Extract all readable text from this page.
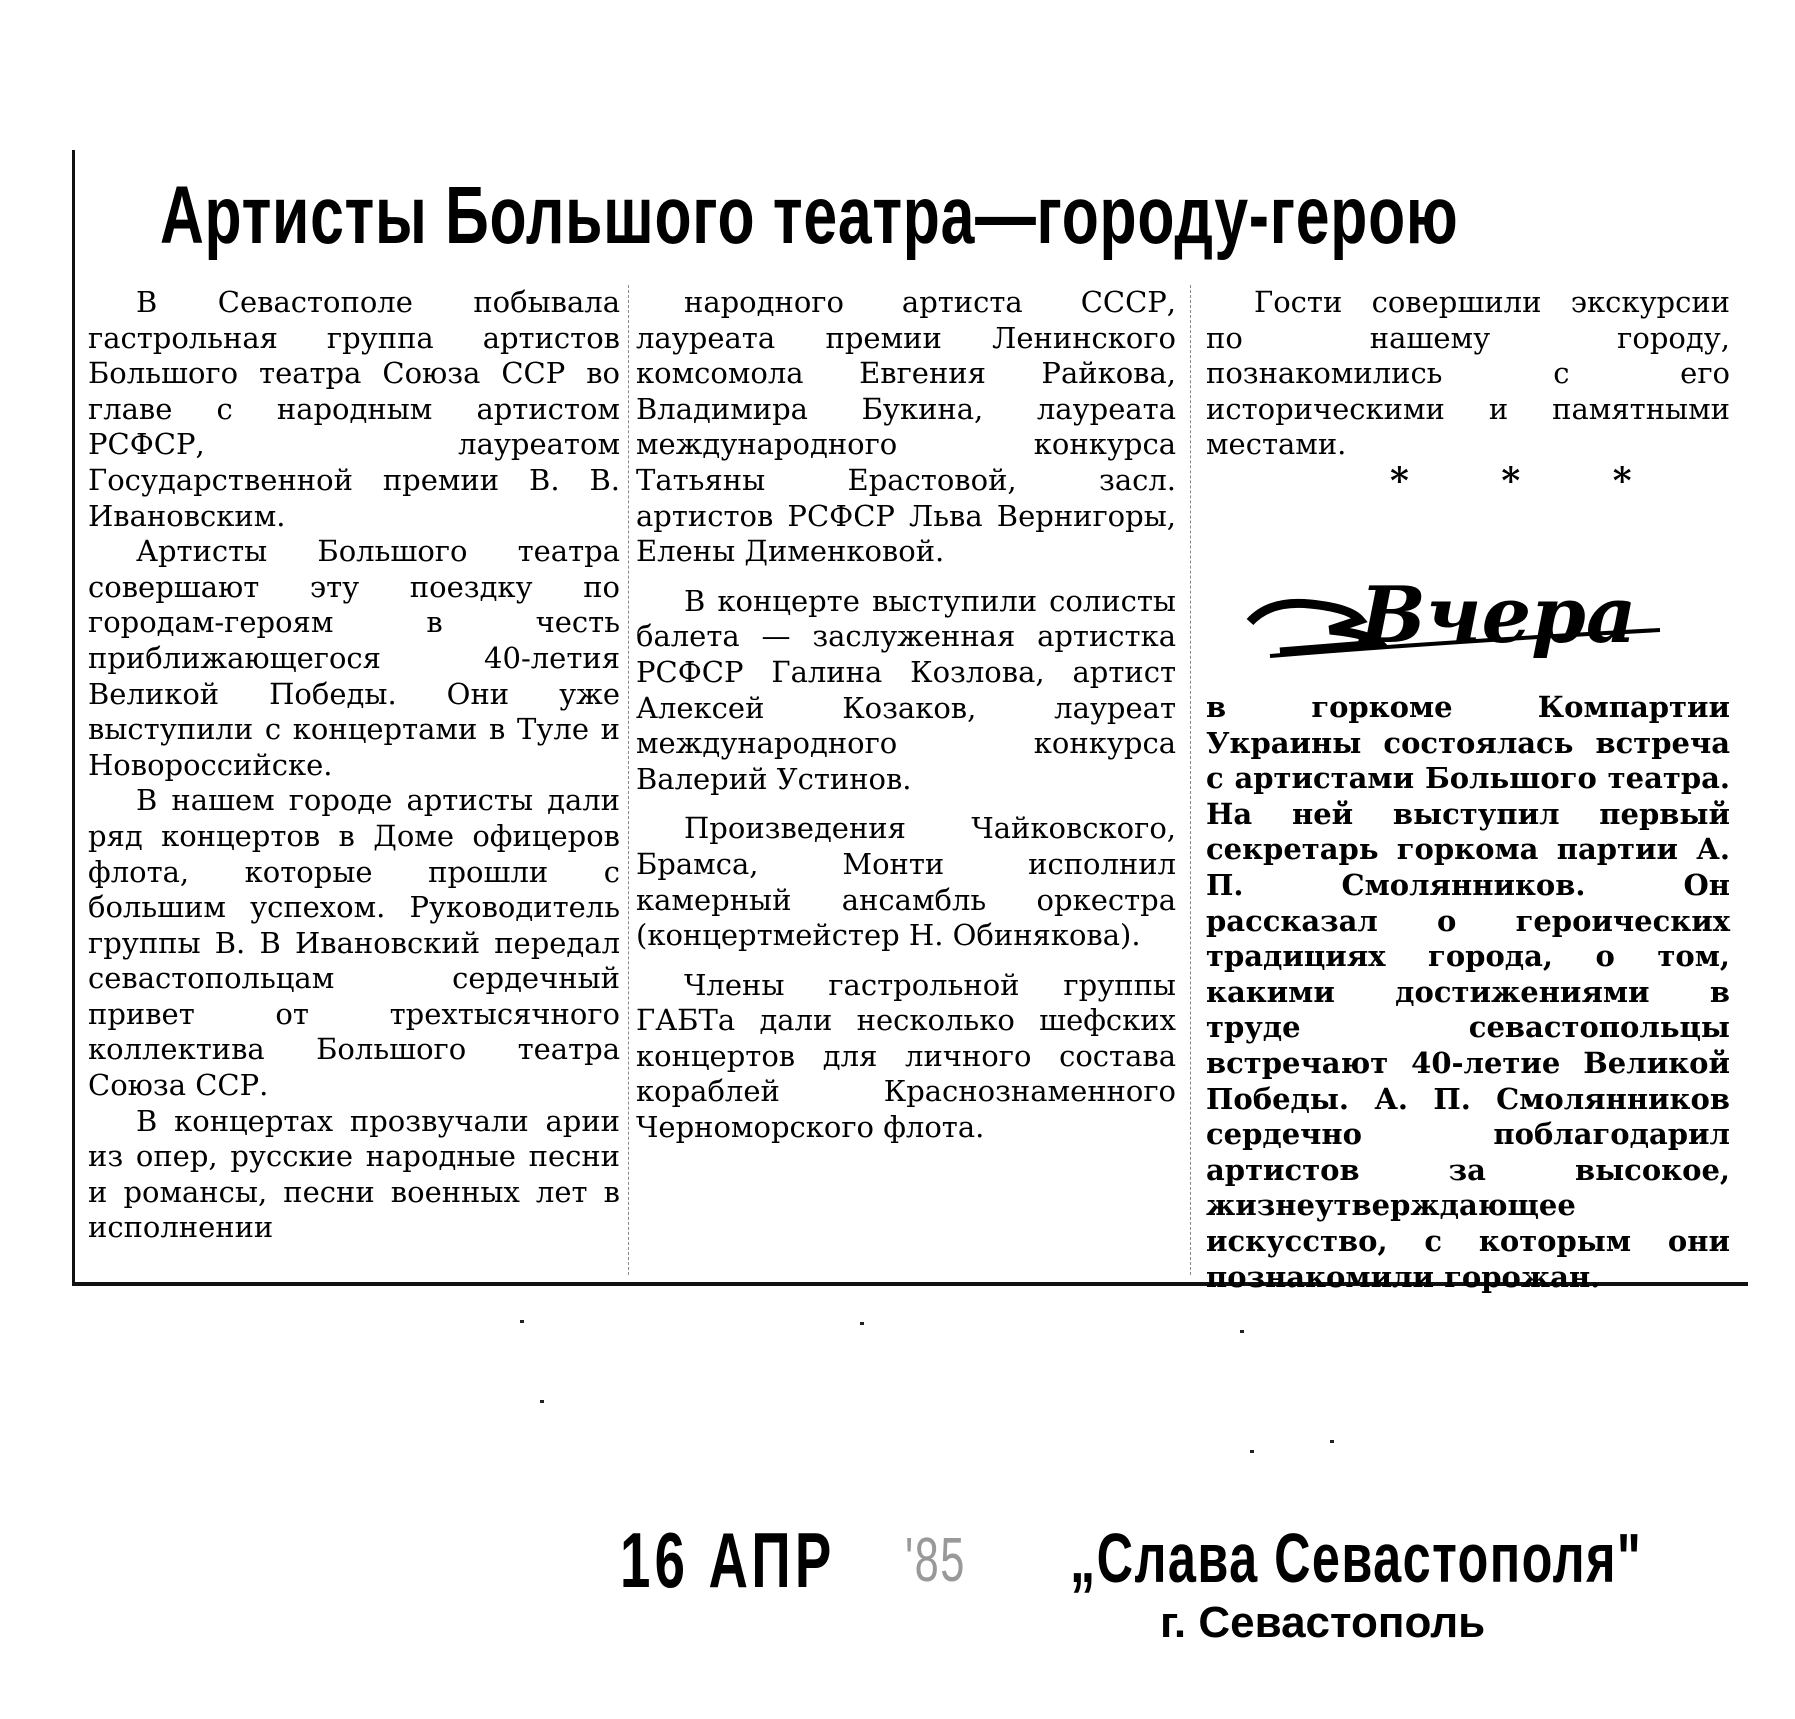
Артисты Большого театра—городу-герою

В Севастополе побывала гастрольная группа артистов Большого театра Союза ССР во главе с народным артистом РСФСР, лауреатом Государственной премии В. В. Ивановским.

Артисты Большого театра совершают эту поездку по городам-героям в честь приближающегося 40-летия Великой Победы. Они уже выступили с концертами в Туле и Новороссийске.

В нашем городе артисты дали ряд концертов в Доме офицеров флота, которые прошли с большим успехом. Руководитель группы В. В Ивановский передал севастопольцам сердечный привет от трехтысячного коллектива Большого театра Союза ССР.

В концертах прозвучали арии из опер, русские народные песни и романсы, песни военных лет в исполнении

народного артиста СССР, лауреата премии Ленинского комсомола Евгения Райкова, Владимира Букина, лауреата международного конкурса Татьяны Ерастовой, засл. артистов РСФСР Льва Вернигоры, Елены Дименковой.

В концерте выступили солисты балета — заслуженная артистка РСФСР Галина Козлова, артист Алексей Козаков, лауреат международного конкурса Валерий Устинов.

Произведения Чайковского, Брамса, Монти исполнил камерный ансамбль оркестра (концертмейстер Н. Обинякова).

Члены гастрольной группы ГАБТа дали несколько шефских концертов для личного состава кораблей Краснознаменного Черноморского флота.

Гости совершили экскурсии по нашему городу, познакомились с его историческими и памятными местами.

* * *
Вчера

в горкоме Компартии Украины состоялась встреча с артистами Большого театра. На ней выступил первый секретарь горкома партии А. П. Смолянников. Он рассказал о героических традициях города, о том, какими достижениями в труде севастопольцы встречают 40-летие Великой Победы. А. П. Смолянников сердечно поблагодарил артистов за высокое, жизнеутверждающее искусство, с которым они познакомили горожан.

16 АПР '85 „Слава Севастополя"
г. Севастополь
